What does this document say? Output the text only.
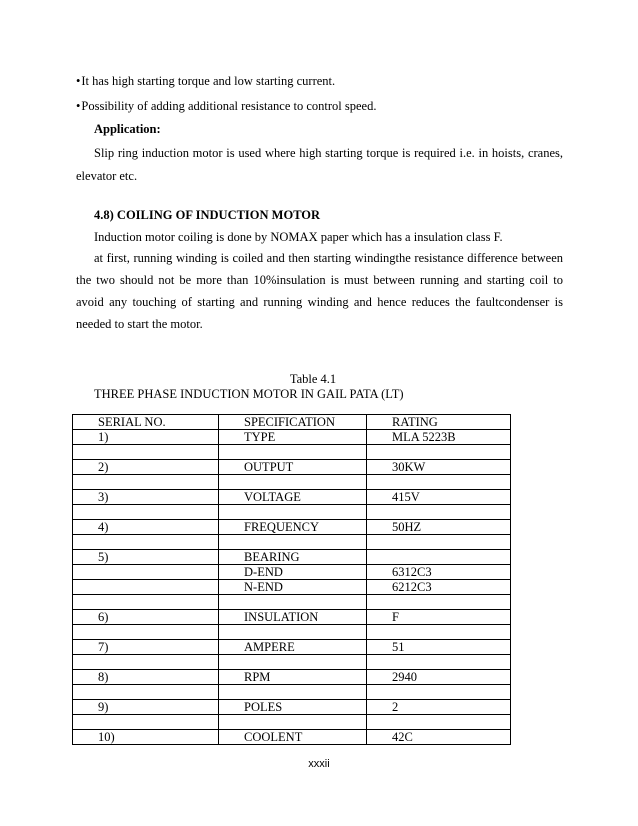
• It has high starting torque and low starting current.
• Possibility of adding additional resistance to control speed.
Application:
Slip ring induction motor is used where high starting torque is required i.e. in hoists, cranes,
elevator etc.
4.8) COILING OF INDUCTION MOTOR
Induction motor coiling is done by NOMAX paper which has a insulation class F.
at first, running winding is coiled and then starting windingthe resistance difference between
the two should not be more than 10%insulation is must between running and starting coil to
avoid any touching of starting and running winding and hence reduces the faultcondenser is
needed to start the motor.
Table 4.1
THREE PHASE INDUCTION MOTOR IN GAIL PATA (LT)
SERIAL NO.	SPECIFICATION	RATING
1)	TYPE	MLA 5223B

2)	OUTPUT	30KW

3)	VOLTAGE	415V

4)	FREQUENCY	50HZ

5)	BEARING	
	D-END	6312C3
	N-END	6212C3

6)	INSULATION	F

7)	AMPERE	51

8)	RPM	2940

9)	POLES	2

10)	COOLENT	42C
xxxii
